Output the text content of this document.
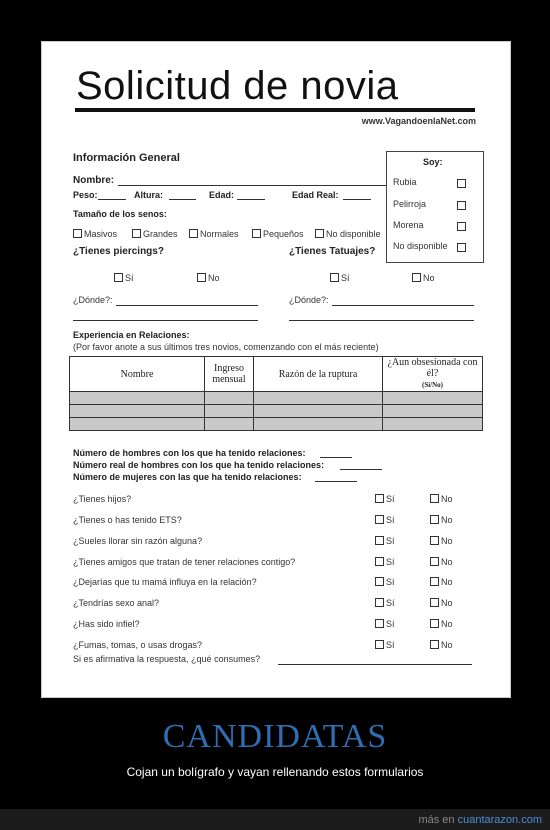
Solicitud de novia
www.VagandoenlaNet.com
Información General
Nombre:
Peso:	Altura:	Edad:	Edad Real:
Tamaño de los senos:
Masivos	Grandes	Normales	Pequeños	No disponible
¿Tienes piercings?	¿Tienes Tatuajes?
Sí	No	Sí	No
¿Dónde?:	¿Dónde?:
Soy:
Rubia
Pelirroja
Morena
No disponible
Experiencia en Relaciones:
(Por favor anote a sus últimos tres novios, comenzando con el más reciente)
Nombre	Ingreso mensual	Razón de la ruptura	¿Aun obsesionada con él?
(Sí/No)

Número de hombres con los que ha tenido relaciones:
Número real de hombres con los que ha tenido relaciones:
Número de mujeres con las que ha tenido relaciones:
¿Tienes hijos?	Sí	No
¿Tienes o has tenido ETS?	Sí	No
¿Sueles llorar sin razón alguna?	Sí	No
¿Tienes amigos que tratan de tener relaciones contigo?	Sí	No
¿Dejarías que tu mamá influya en la relación?	Sí	No
¿Tendrías sexo anal?	Sí	No
¿Has sido infiel?	Sí	No
¿Fumas, tomas, o usas drogas?	Sí	No
Si es afirmativa la respuesta, ¿qué consumes?
CANDIDATAS
Cojan un bolígrafo y vayan rellenando estos formularios
más en cuantarazon.com
